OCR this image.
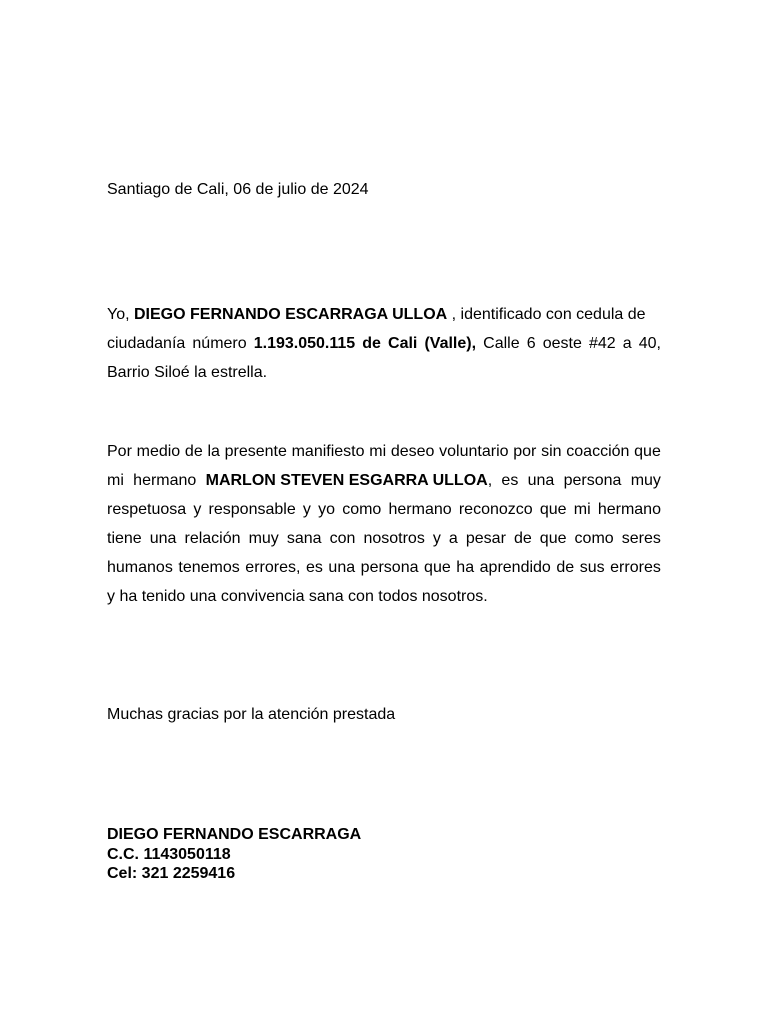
Santiago de Cali, 06 de julio de 2024
Yo, DIEGO FERNANDO ESCARRAGA ULLOA , identificado con cedula de
ciudadanía número 1.193.050.115 de Cali (Valle), Calle 6 oeste #42 a 40,
Barrio Siloé la estrella.
Por medio de la presente manifiesto mi deseo voluntario por sin coacción que
mi hermano MARLON STEVEN ESGARRA ULLOA, es una persona muy
respetuosa y responsable y yo como hermano reconozco que mi hermano
tiene una relación muy sana con nosotros y a pesar de que como seres
humanos tenemos errores, es una persona que ha aprendido de sus errores
y ha tenido una convivencia sana con todos nosotros.
Muchas gracias por la atención prestada
DIEGO FERNANDO ESCARRAGA
C.C. 1143050118
Cel: 321 2259416
